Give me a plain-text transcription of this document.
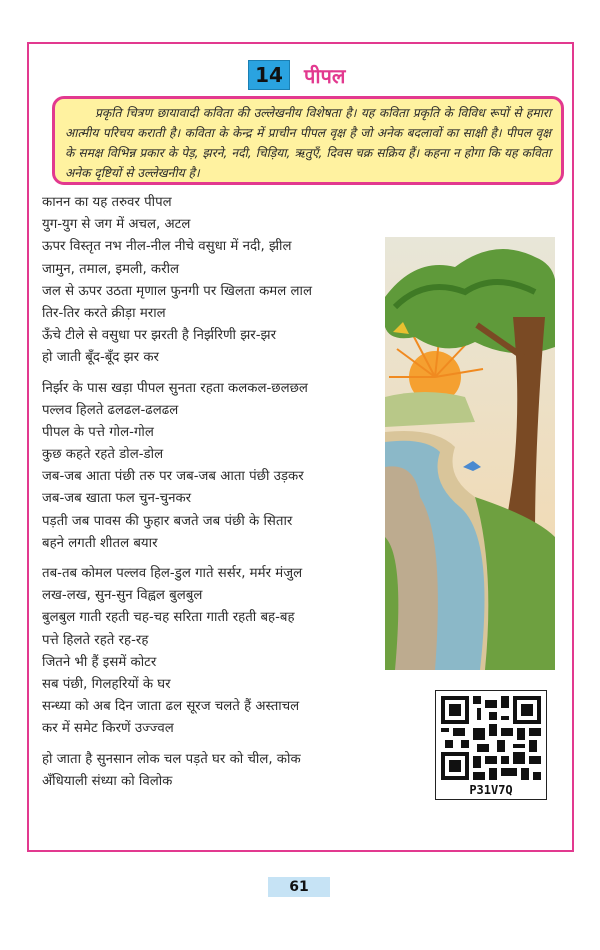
14	पीपल
प्रकृति चित्रण छायावादी कविता की उल्लेखनीय विशेषता है। यह कविता प्रकृति के विविध रूपों से हमारा आत्मीय परिचय कराती है। कविता के केन्द्र में प्राचीन पीपल वृक्ष है जो अनेक बदलावों का साक्षी है। पीपल वृक्ष के समक्ष विभिन्न प्रकार के पेड़, झरने, नदी, चिड़िया, ऋतुएँ, दिवस चक्र सक्रिय हैं। कहना न होगा कि यह कविता अनेक दृष्टियों से उल्लेखनीय है।
कानन का यह तरुवर पीपल
युग-युग से जग में अचल, अटल
ऊपर विस्तृत नभ नील-नील नीचे वसुधा में नदी, झील
जामुन, तमाल, इमली, करील
जल से ऊपर उठता मृणाल फुनगी पर खिलता कमल लाल
तिर-तिर करते क्रीड़ा मराल
ऊँचे टीले से वसुधा पर झरती है निर्झरिणी झर-झर
हो जाती बूँद-बूँद झर कर
निर्झर के पास खड़ा पीपल सुनता रहता कलकल-छलछल
पल्लव हिलते ढलढल-ढलढल
पीपल के पत्ते गोल-गोल
कुछ कहते रहते डोल-डोल
जब-जब आता पंछी तरु पर जब-जब आता पंछी उड़कर
जब-जब खाता फल चुन-चुनकर
पड़ती जब पावस की फुहार बजते जब पंछी के सितार
बहने लगती शीतल बयार
तब-तब कोमल पल्लव हिल-डुल गाते सर्सर, मर्मर मंजुल
लख-लख, सुन-सुन विह्वल बुलबुल
बुलबुल गाती रहती चह-चह सरिता गाती रहती बह-बह
पत्ते हिलते रहते रह-रह
जितने भी हैं इसमें कोटर
सब पंछी, गिलहरियों के घर
सन्ध्या को अब दिन जाता ढल सूरज चलते हैं अस्ताचल
कर में समेट किरणें उज्ज्वल
हो जाता है सुनसान लोक चल पड़ते घर को चील, कोक
अँधियाली संध्या को विलोक
P31V7Q
61
